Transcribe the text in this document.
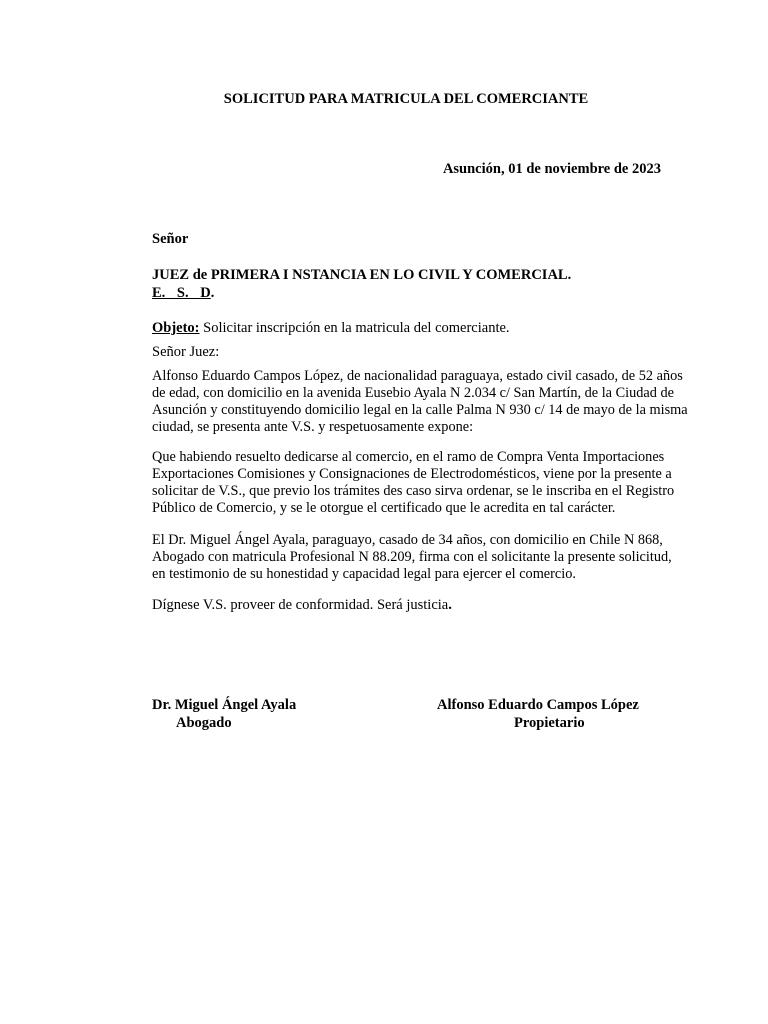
SOLICITUD PARA MATRICULA DEL COMERCIANTE
Asunción, 01 de noviembre de 2023
Señor
JUEZ de PRIMERA I NSTANCIA EN LO CIVIL Y COMERCIAL.
E. S. D.
Objeto: Solicitar inscripción en la matricula del comerciante.
Señor Juez:
Alfonso Eduardo Campos López, de nacionalidad paraguaya, estado civil casado, de 52 años
de edad, con domicilio en la avenida Eusebio Ayala N 2.034 c/ San Martín, de la Ciudad de
Asunción y constituyendo domicilio legal en la calle Palma N 930 c/ 14 de mayo de la misma
ciudad, se presenta ante V.S. y respetuosamente expone:
Que habiendo resuelto dedicarse al comercio, en el ramo de Compra Venta Importaciones
Exportaciones Comisiones y Consignaciones de Electrodomésticos, viene por la presente a
solicitar de V.S., que previo los trámites des caso sirva ordenar, se le inscriba en el Registro
Público de Comercio, y se le otorgue el certificado que le acredita en tal carácter.
El Dr. Miguel Ángel Ayala, paraguayo, casado de 34 años, con domicilio en Chile N 868,
Abogado con matricula Profesional N 88.209, firma con el solicitante la presente solicitud,
en testimonio de su honestidad y capacidad legal para ejercer el comercio.
Dígnese V.S. proveer de conformidad. Será justicia.
Dr. Miguel Ángel Ayala
Abogado
Alfonso Eduardo Campos López
Propietario
